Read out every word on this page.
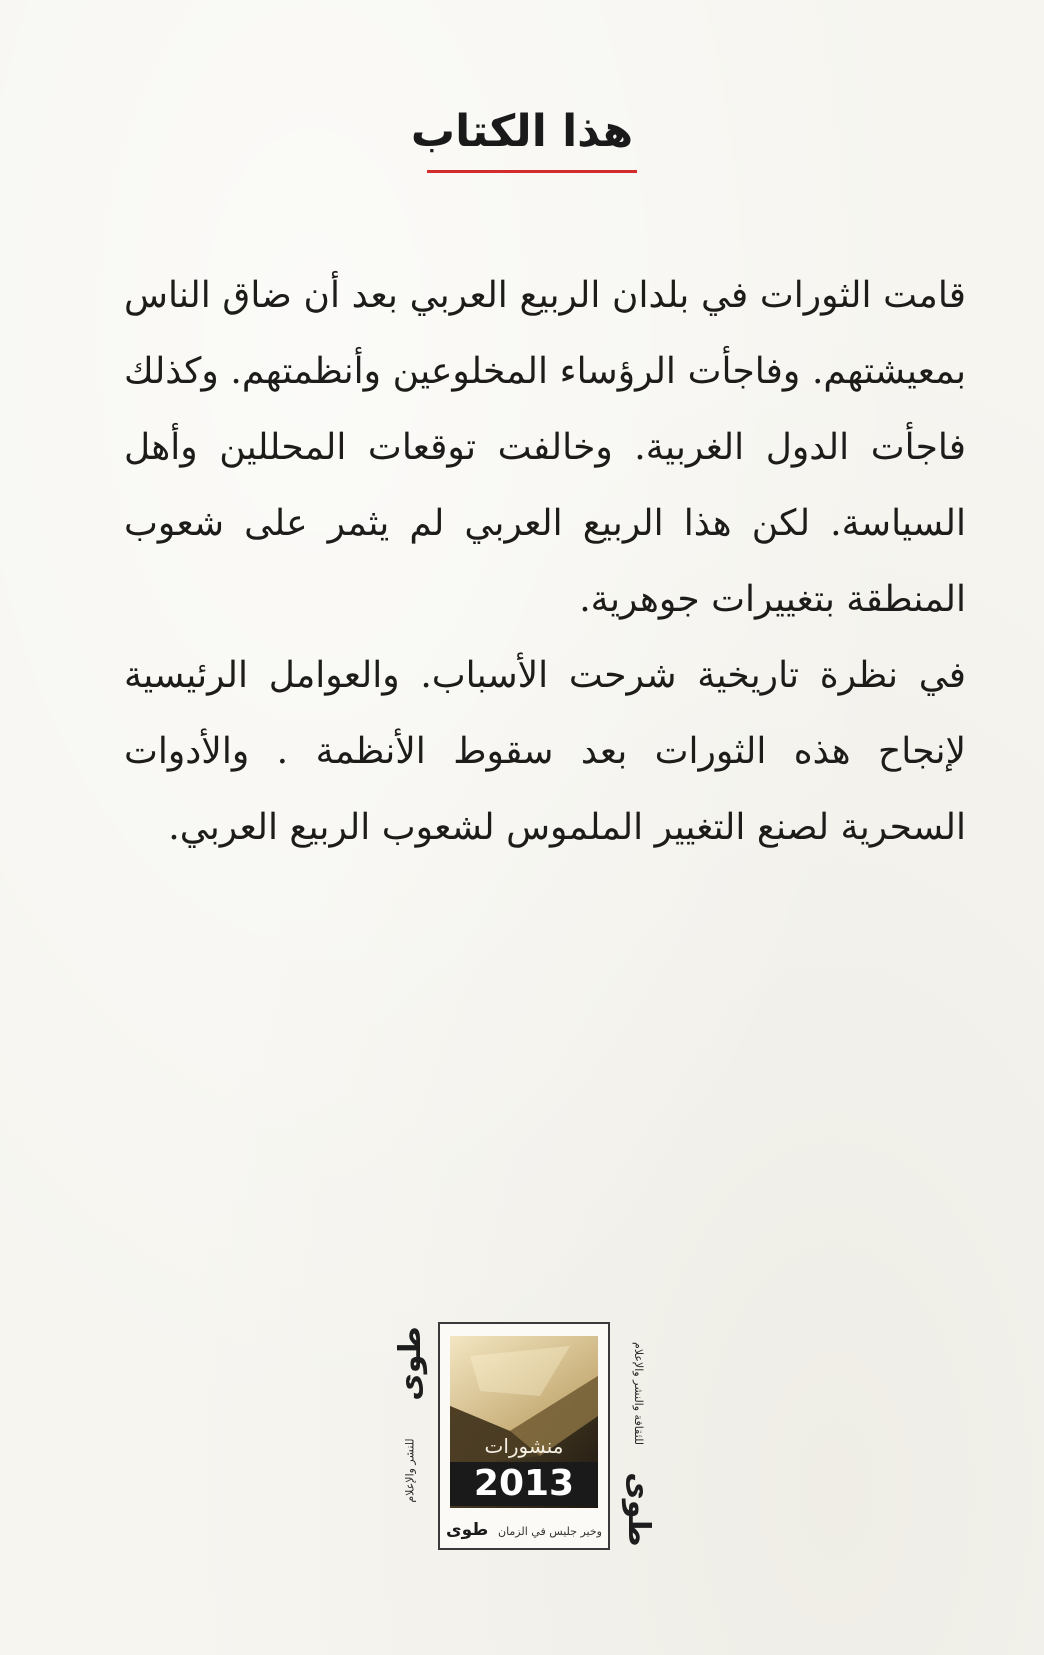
هذا الكتاب

قامت الثورات في بلدان الربيع العربي بعد أن ضاق الناس بمعيشتهم. وفاجأت الرؤساء المخلوعين وأنظمتهم. وكذلك فاجأت الدول الغربية. وخالفت توقعات المحللين وأهل السياسة. لكن هذا الربيع العربي لم يثمر على شعوب المنطقة بتغييرات جوهرية.

في نظرة تاريخية شرحت الأسباب. والعوامل الرئيسية لإنجاح هذه الثورات بعد سقوط الأنظمة . والأدوات السحرية لصنع التغيير الملموس لشعوب الربيع العربي.

طوى
للنشر والإعلام	منشورات
2013
وخير جليس في الزمان
طوى
للثقافة والنشر والإعلام
طوى
